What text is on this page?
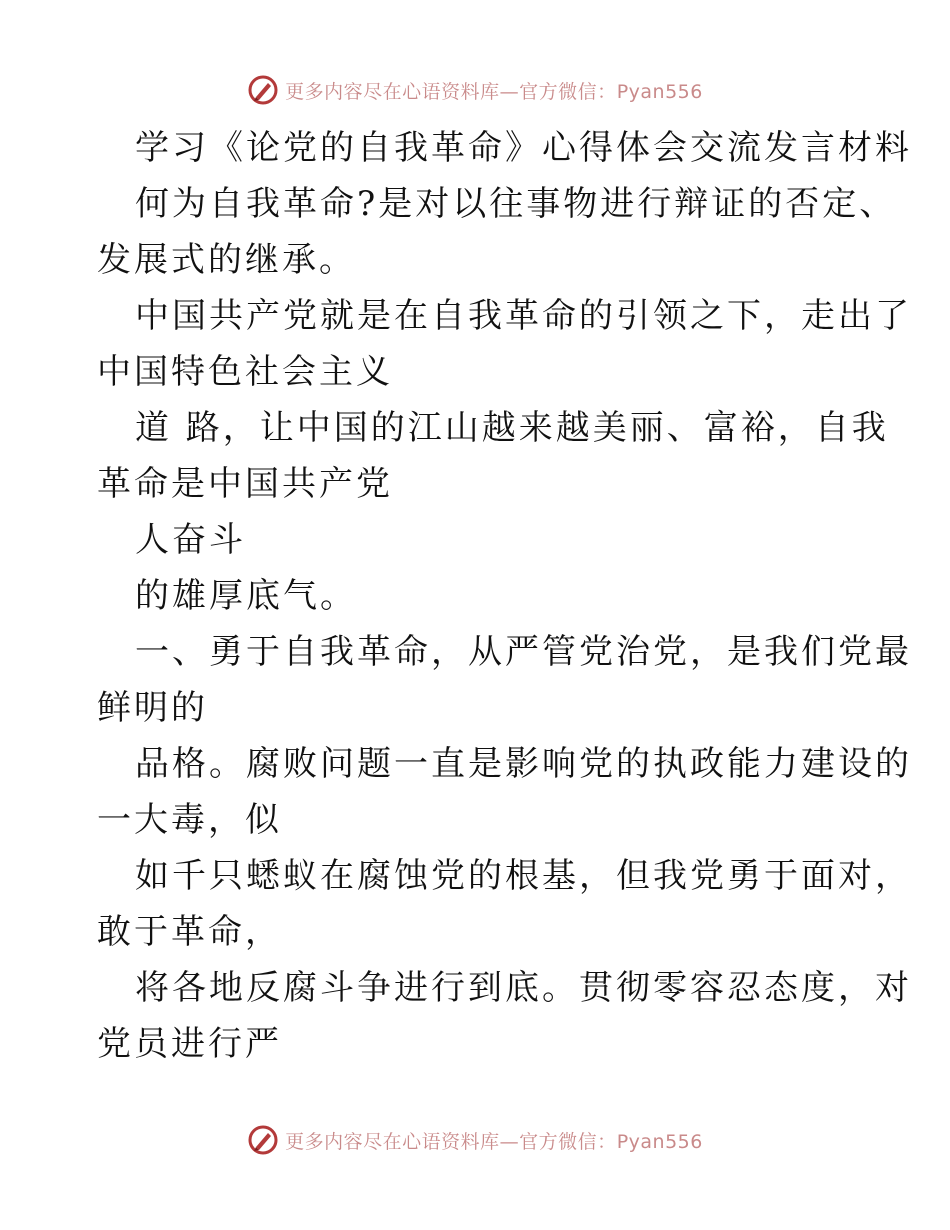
更多内容尽在心语资料库—官方微信：Pyan556
学习《论党的自我革命》心得体会交流发言材料
何为自我革命?是对以往事物进行辩证的否定、
发展式的继承。
中国共产党就是在自我革命的引领之下，走出了
中国特色社会主义
道 路，让中国的江山越来越美丽、富裕，自我
革命是中国共产党
人奋斗
的雄厚底气。
一、勇于自我革命，从严管党治党，是我们党最
鲜明的
品格。腐败问题一直是影响党的执政能力建设的
一大毒，似
如千只蟋蚁在腐蚀党的根基，但我党勇于面对，
敢于革命，
将各地反腐斗争进行到底。贯彻零容忍态度，对
党员进行严
更多内容尽在心语资料库—官方微信：Pyan556
